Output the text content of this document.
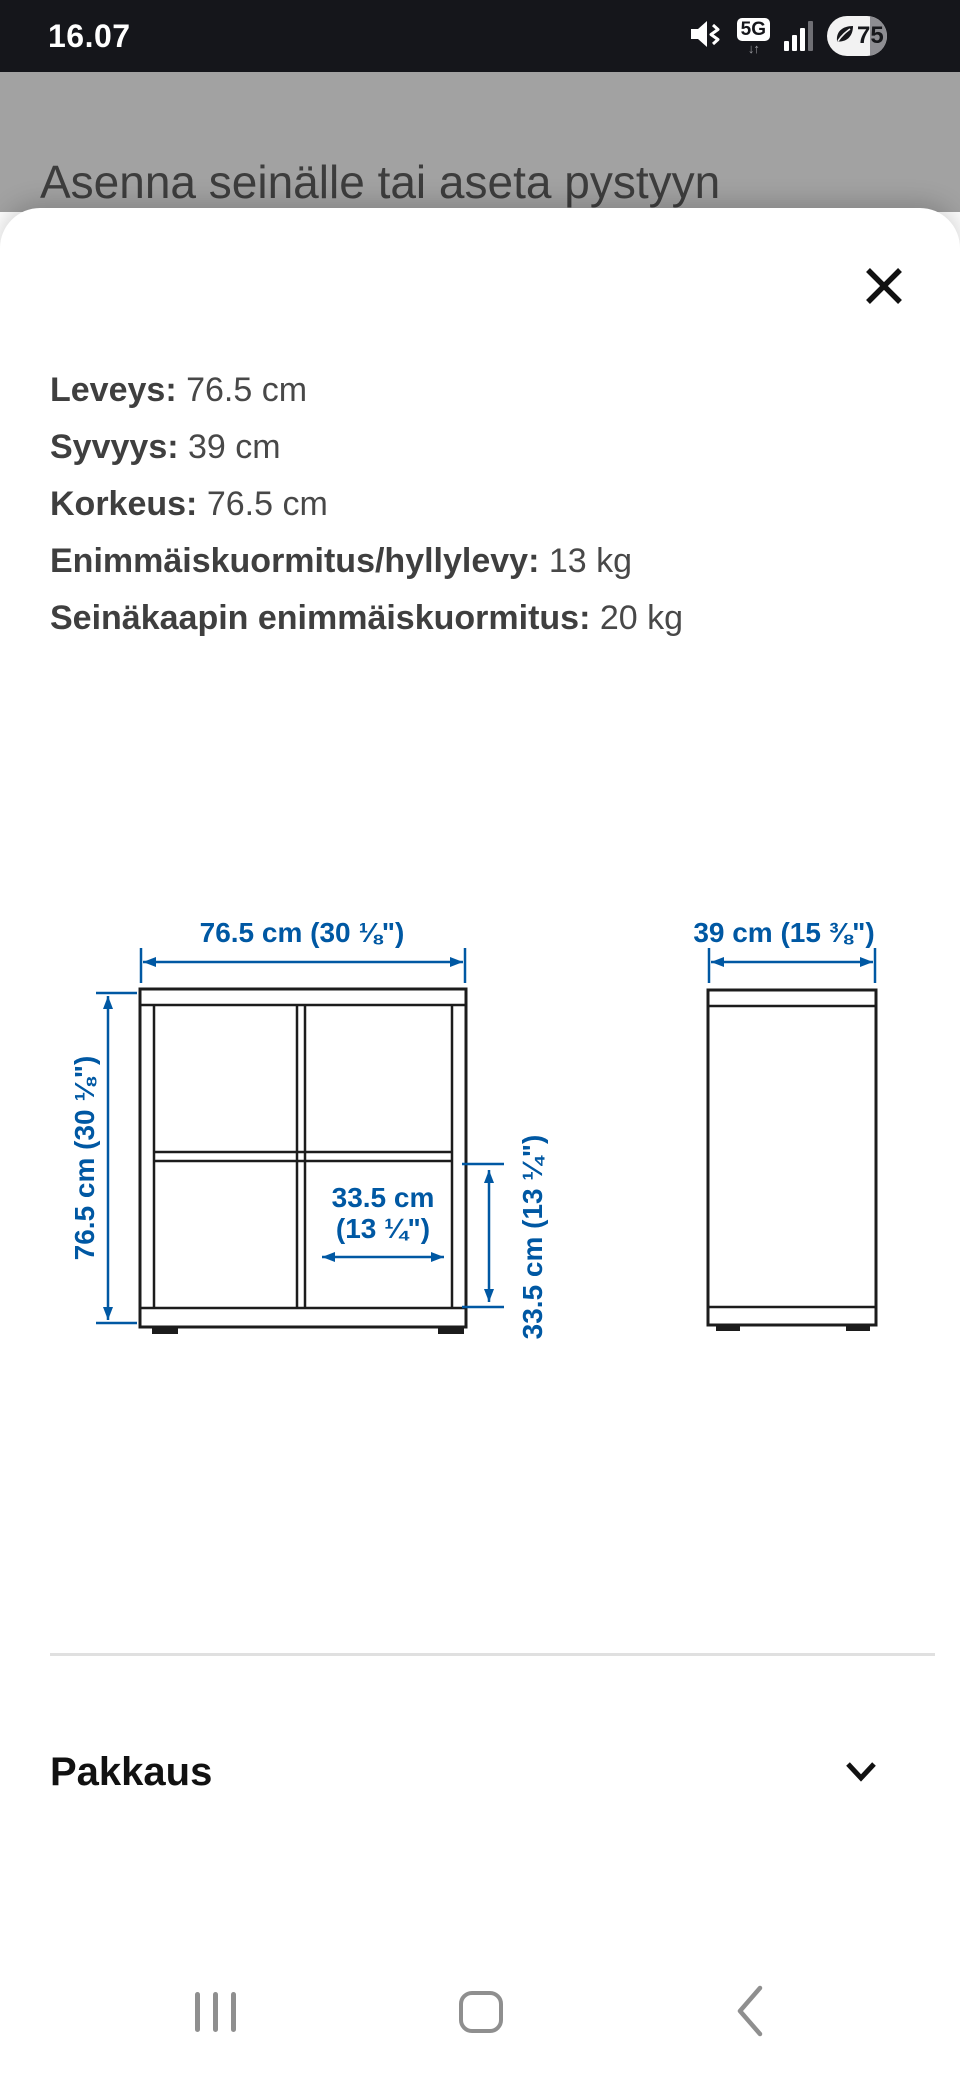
16.07	5G
↓↑	75
Asenna seinälle tai aseta pystyyn
Leveys: 76.5 cm
Syvyys: 39 cm
Korkeus: 76.5 cm
Enimmäiskuormitus/hyllylevy: 13 kg
Seinäkaapin enimmäiskuormitus: 20 kg
76.5 cm (30 ⅛")
76.5 cm (30 ⅛")	33.5 cm
(13 ¼")	33.5 cm (13 ¼")
39 cm (15 ⅜")
Pakkaus
